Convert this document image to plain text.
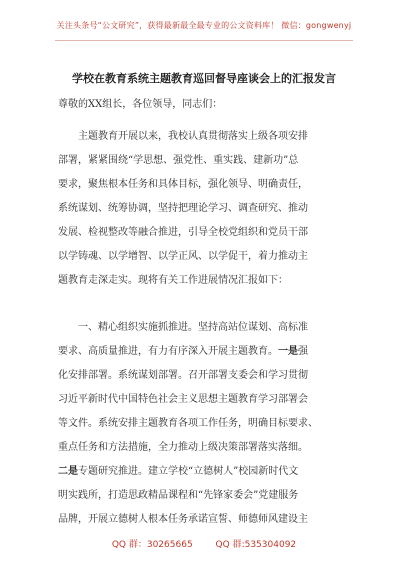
关注头条号“公文研究”，获得最新最全最专业的公文资料库！ 微信：gongwenyj
学校在教育系统主题教育巡回督导座谈会上的汇报发言
尊敬的XX组长，各位领导，同志们：
主题教育开展以来，我校认真贯彻落实上级各项安排
部署，紧紧围绕“学思想、强党性、重实践、建新功”总
要求，聚焦根本任务和具体目标，强化领导、明确责任，
系统谋划、统筹协调，坚持把理论学习、调查研究、推动
发展、检视整改等融合推进，引导全校党组织和党员干部
以学铸魂、以学增智、以学正风、以学促干，着力推动主
题教育走深走实。现将有关工作进展情况汇报如下：
一、精心组织实施抓推进。坚持高站位谋划、高标准
要求、高质量推进，有力有序深入开展主题教育。一是强
化安排部署。系统谋划部署。召开部署支委会和学习贯彻
习近平新时代中国特色社会主义思想主题教育学习部署会
等文件。系统安排主题教育各项工作任务，明确目标要求、
重点任务和方法措施，全力推动上级决策部署落实落细。
二是专题研究推进。建立学校“立德树人”校园新时代文
明实践所，打造思政精品课程和“先锋家委会”党建服务
品牌，开展立德树人根本任务承诺宣誓、师德师风建设主
QQ 群：30265665	QQ 群:535304092
